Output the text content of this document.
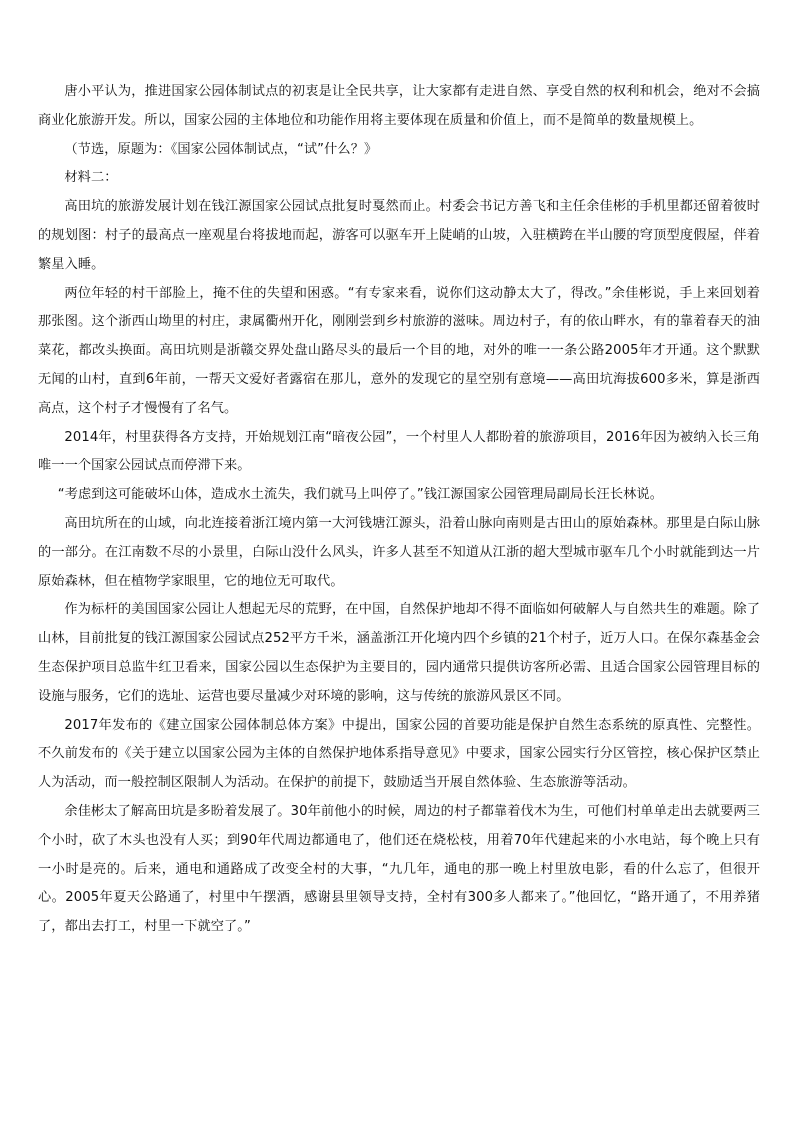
唐小平认为，推进国家公园体制试点的初衷是让全民共享，让大家都有走进自然、享受自然的权利和机会，绝对不会搞商业化旅游开发。所以，国家公园的主体地位和功能作用将主要体现在质量和价值上，而不是简单的数量规模上。

（节选，原题为：《国家公园体制试点，“试”什么？》

材料二：

高田坑的旅游发展计划在钱江源国家公园试点批复时戛然而止。村委会书记方善飞和主任余佳彬的手机里都还留着彼时的规划图：村子的最高点一座观星台将拔地而起，游客可以驱车开上陡峭的山坡，入驻横跨在半山腰的穹顶型度假屋，伴着繁星入睡。

两位年轻的村干部脸上，掩不住的失望和困惑。“有专家来看，说你们这动静太大了，得改。”余佳彬说，手上来回划着那张图。这个浙西山坳里的村庄，隶属衢州开化，刚刚尝到乡村旅游的滋味。周边村子，有的依山畔水，有的靠着春天的油菜花，都改头换面。高田坑则是浙赣交界处盘山路尽头的最后一个目的地，对外的唯一一条公路2005年才开通。这个默默无闻的山村，直到6年前，一帮天文爱好者露宿在那儿，意外的发现它的星空别有意境——高田坑海拔600多米，算是浙西高点，这个村子才慢慢有了名气。

2014年，村里获得各方支持，开始规划江南“暗夜公园”，一个村里人人都盼着的旅游项目，2016年因为被纳入长三角唯一一个国家公园试点而停滞下来。

“考虑到这可能破坏山体，造成水土流失，我们就马上叫停了。”钱江源国家公园管理局副局长汪长林说。

高田坑所在的山域，向北连接着浙江境内第一大河钱塘江源头，沿着山脉向南则是古田山的原始森林。那里是白际山脉的一部分。在江南数不尽的小景里，白际山没什么风头，许多人甚至不知道从江浙的超大型城市驱车几个小时就能到达一片原始森林，但在植物学家眼里，它的地位无可取代。

作为标杆的美国国家公园让人想起无尽的荒野，在中国，自然保护地却不得不面临如何破解人与自然共生的难题。除了山林，目前批复的钱江源国家公园试点252平方千米，涵盖浙江开化境内四个乡镇的21个村子，近万人口。在保尔森基金会生态保护项目总监牛红卫看来，国家公园以生态保护为主要目的，园内通常只提供访客所必需、且适合国家公园管理目标的设施与服务，它们的选址、运营也要尽量减少对环境的影响，这与传统的旅游风景区不同。

2017年发布的《建立国家公园体制总体方案》中提出，国家公园的首要功能是保护自然生态系统的原真性、完整性。不久前发布的《关于建立以国家公园为主体的自然保护地体系指导意见》中要求，国家公园实行分区管控，核心保护区禁止人为活动，而一般控制区限制人为活动。在保护的前提下，鼓励适当开展自然体验、生态旅游等活动。

余佳彬太了解高田坑是多盼着发展了。30年前他小的时候，周边的村子都靠着伐木为生，可他们村单单走出去就要两三个小时，砍了木头也没有人买；到90年代周边都通电了，他们还在烧松枝，用着70年代建起来的小水电站，每个晚上只有一小时是亮的。后来，通电和通路成了改变全村的大事，“九几年，通电的那一晚上村里放电影，看的什么忘了，但很开心。2005年夏天公路通了，村里中午摆酒，感谢县里领导支持，全村有300多人都来了。”他回忆，“路开通了，不用养猪了，都出去打工，村里一下就空了。”
